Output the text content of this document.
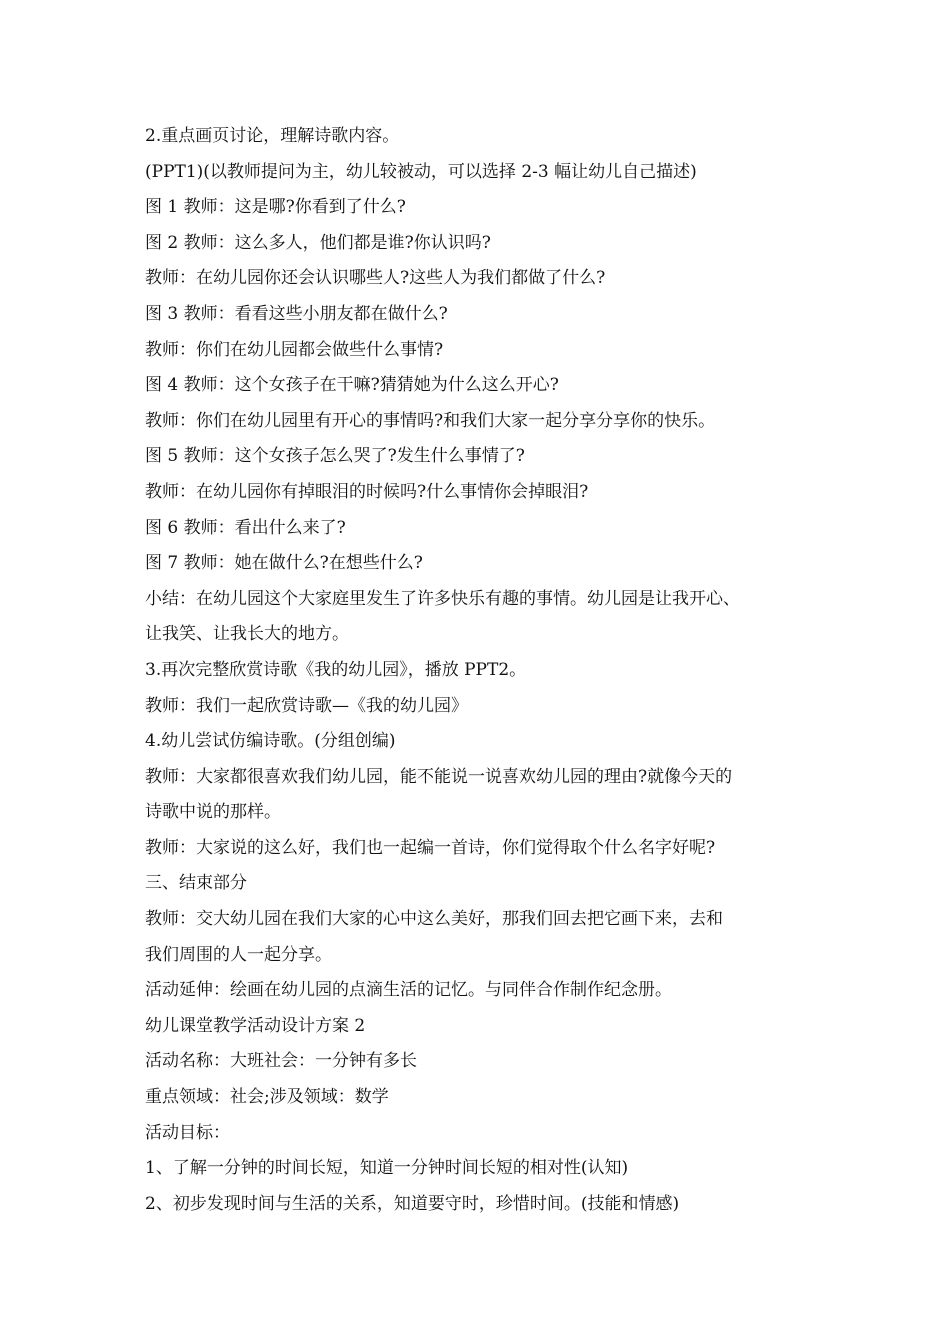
2.重点画页讨论，理解诗歌内容。

(PPT1)(以教师提问为主，幼儿较被动，可以选择 2-3 幅让幼儿自己描述)

图 1 教师：这是哪?你看到了什么?

图 2 教师：这么多人，他们都是谁?你认识吗?

教师：在幼儿园你还会认识哪些人?这些人为我们都做了什么?

图 3 教师：看看这些小朋友都在做什么?

教师：你们在幼儿园都会做些什么事情?

图 4 教师：这个女孩子在干嘛?猜猜她为什么这么开心?

教师：你们在幼儿园里有开心的事情吗?和我们大家一起分享分享你的快乐。

图 5 教师：这个女孩子怎么哭了?发生什么事情了?

教师：在幼儿园你有掉眼泪的时候吗?什么事情你会掉眼泪?

图 6 教师：看出什么来了?

图 7 教师：她在做什么?在想些什么?

小结：在幼儿园这个大家庭里发生了许多快乐有趣的事情。幼儿园是让我开心、

让我笑、让我长大的地方。

3.再次完整欣赏诗歌《我的幼儿园》，播放 PPT2。

教师：我们一起欣赏诗歌—《我的幼儿园》

4.幼儿尝试仿编诗歌。(分组创编)

教师：大家都很喜欢我们幼儿园，能不能说一说喜欢幼儿园的理由?就像今天的

诗歌中说的那样。

教师：大家说的这么好，我们也一起编一首诗，你们觉得取个什么名字好呢?

三、结束部分

教师：交大幼儿园在我们大家的心中这么美好，那我们回去把它画下来，去和

我们周围的人一起分享。

活动延伸：绘画在幼儿园的点滴生活的记忆。与同伴合作制作纪念册。

幼儿课堂教学活动设计方案 2

活动名称：大班社会：一分钟有多长

重点领域：社会;涉及领域：数学

活动目标：

1、了解一分钟的时间长短，知道一分钟时间长短的相对性(认知)

2、初步发现时间与生活的关系，知道要守时，珍惜时间。(技能和情感)
